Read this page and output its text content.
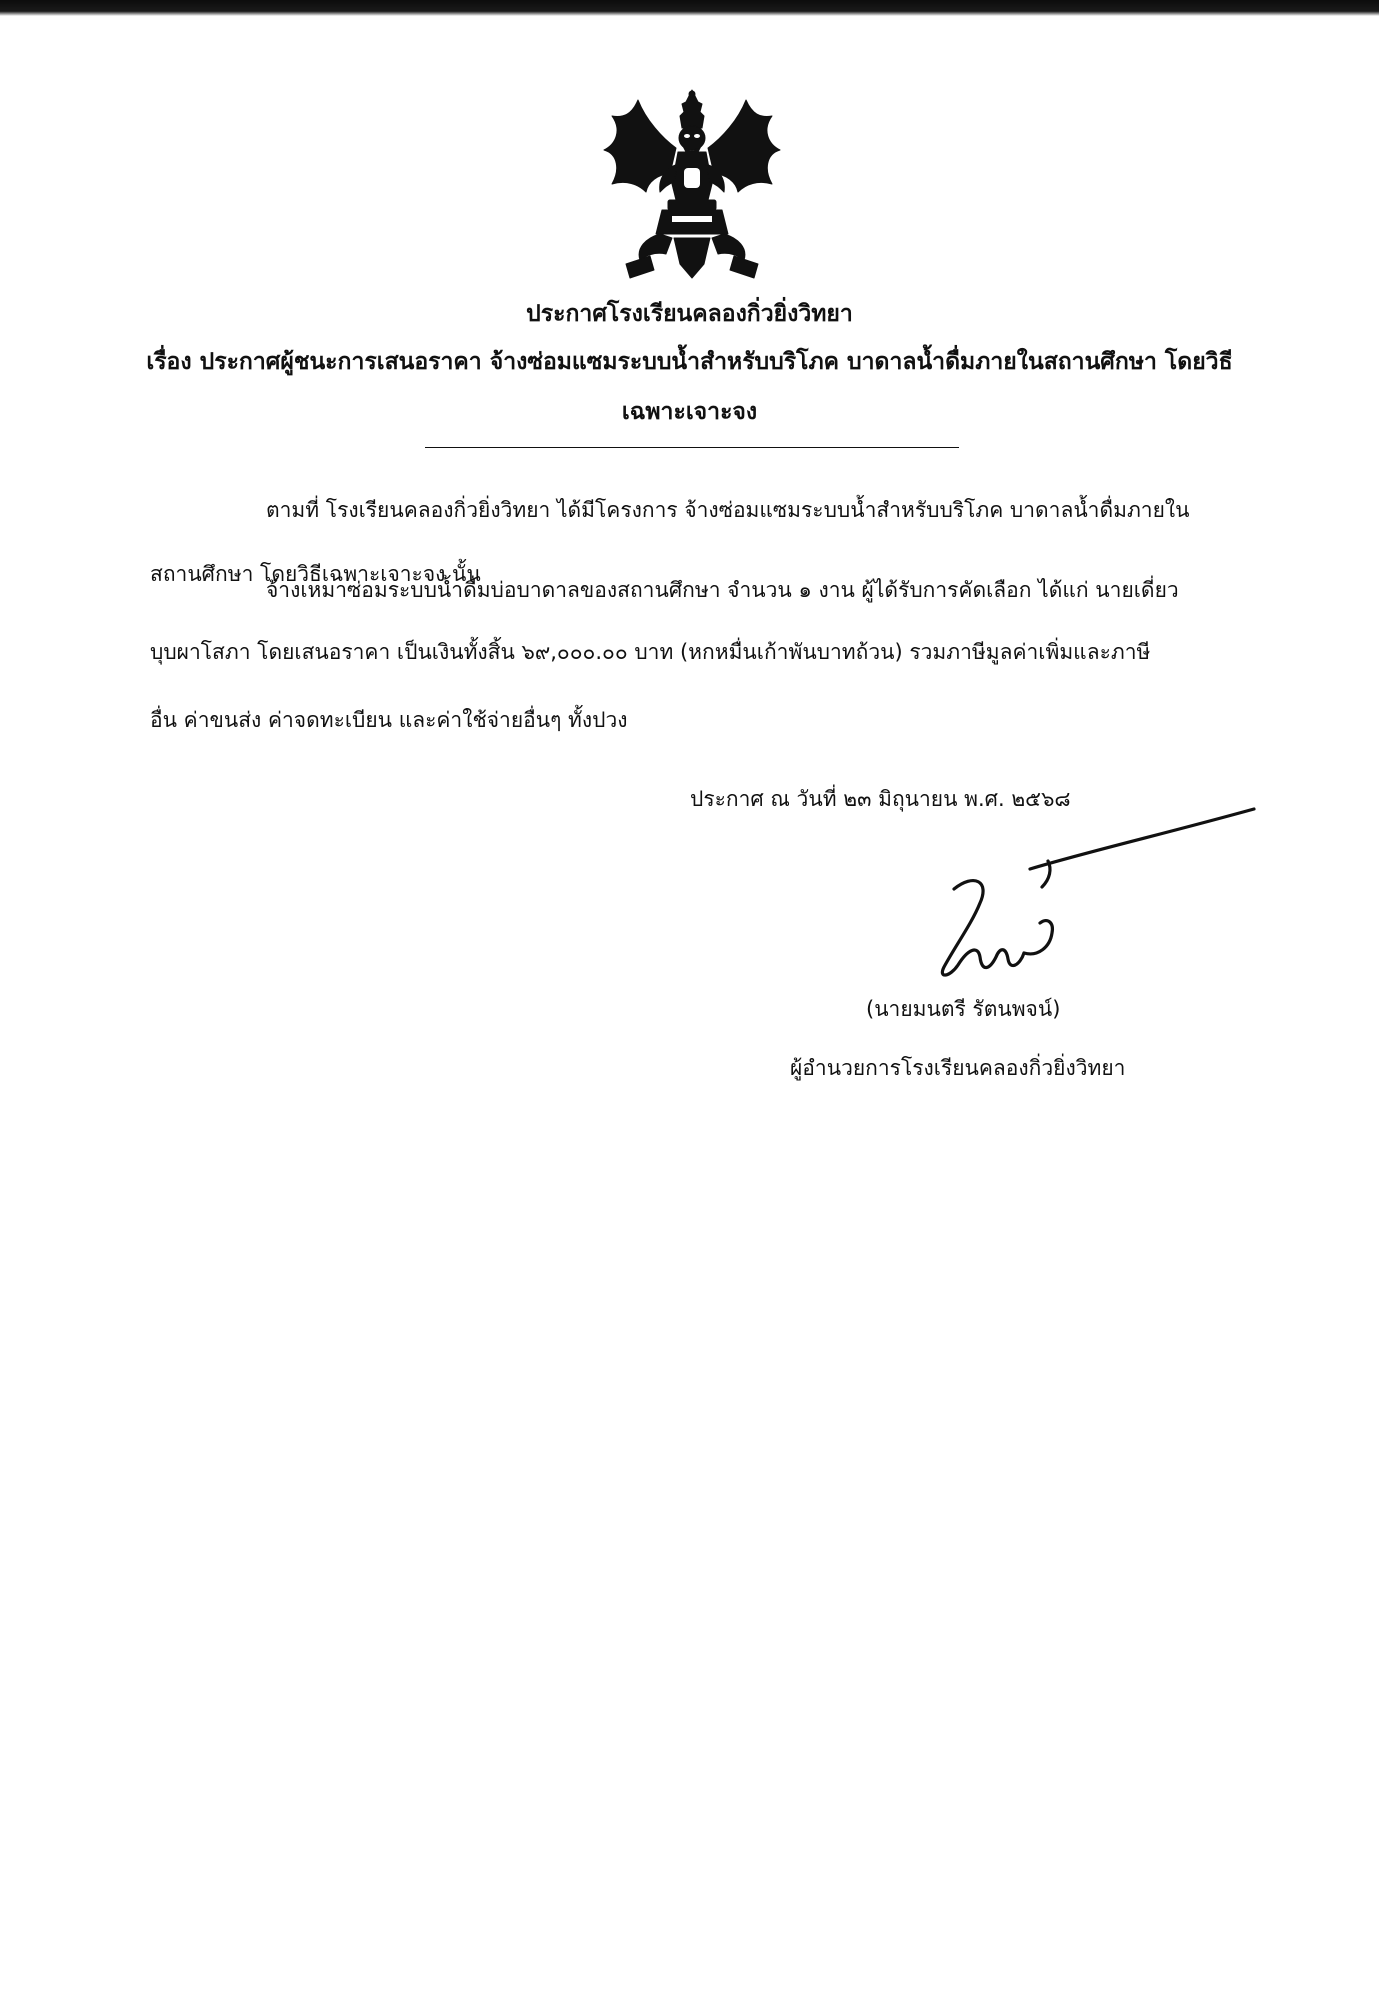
ประกาศโรงเรียนคลองกิ่วยิ่งวิทยา
เรื่อง ประกาศผู้ชนะการเสนอราคา จ้างซ่อมแซมระบบน้ำสำหรับบริโภค บาดาลน้ำดื่มภายในสถานศึกษา โดยวิธี
เฉพาะเจาะจง
ตามที่ โรงเรียนคลองกิ่วยิ่งวิทยา ได้มีโครงการ จ้างซ่อมแซมระบบน้ำสำหรับบริโภค บาดาลน้ำดื่มภายใน
สถานศึกษา โดยวิธีเฉพาะเจาะจง นั้น
จ้างเหมาซ่อมระบบน้ำดื่มบ่อบาดาลของสถานศึกษา จำนวน ๑ งาน ผู้ได้รับการคัดเลือก ได้แก่ นายเดี่ยว
บุบผาโสภา โดยเสนอราคา เป็นเงินทั้งสิ้น ๖๙,๐๐๐.๐๐ บาท (หกหมื่นเก้าพันบาทถ้วน) รวมภาษีมูลค่าเพิ่มและภาษี
อื่น ค่าขนส่ง ค่าจดทะเบียน และค่าใช้จ่ายอื่นๆ ทั้งปวง
ประกาศ ณ วันที่ ๒๓ มิถุนายน พ.ศ. ๒๕๖๘
(นายมนตรี รัตนพจน์)
ผู้อำนวยการโรงเรียนคลองกิ่วยิ่งวิทยา
